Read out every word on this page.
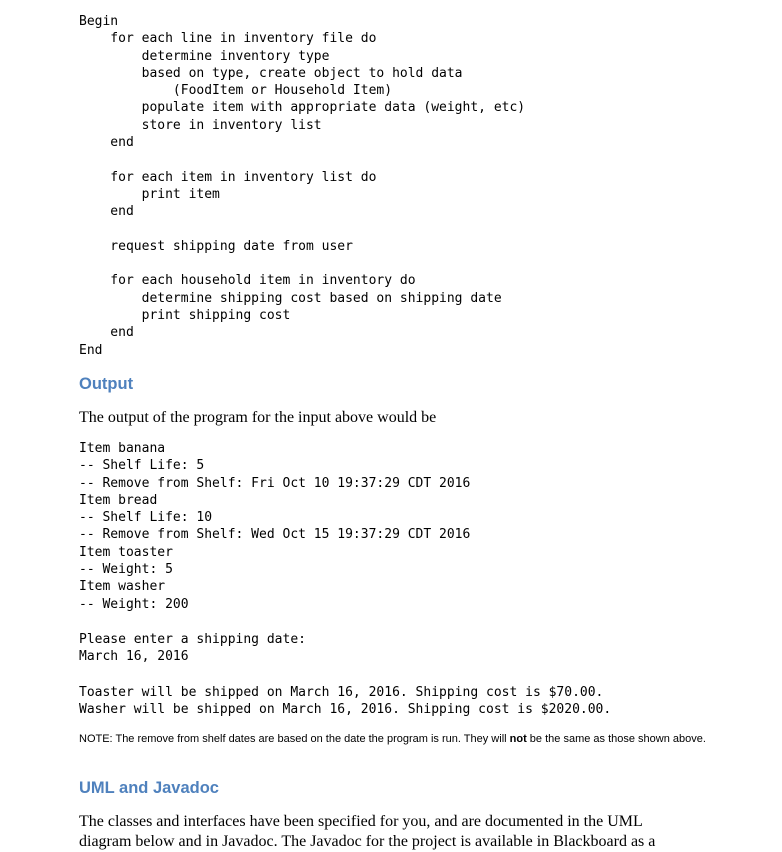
Begin
for each line in inventory file do
determine inventory type
based on type, create object to hold data
(FoodItem or Household Item)
populate item with appropriate data (weight, etc)
store in inventory list
end

for each item in inventory list do
print item
end

request shipping date from user

for each household item in inventory do
determine shipping cost based on shipping date
print shipping cost
end
End
Output

The output of the program for the input above would be

Item banana
-- Shelf Life: 5
-- Remove from Shelf: Fri Oct 10 19:37:29 CDT 2016
Item bread
-- Shelf Life: 10
-- Remove from Shelf: Wed Oct 15 19:37:29 CDT 2016
Item toaster
-- Weight: 5
Item washer
-- Weight: 200
Please enter a shipping date:
March 16, 2016
Toaster will be shipped on March 16, 2016. Shipping cost is $70.00.
Washer will be shipped on March 16, 2016. Shipping cost is $2020.00.

NOTE: The remove from shelf dates are based on the date the program is run. They will not be the same as those shown above.

UML and Javadoc

The classes and interfaces have been specified for you, and are documented in the UML

diagram below and in Javadoc. The Javadoc for the project is available in Blackboard as a
